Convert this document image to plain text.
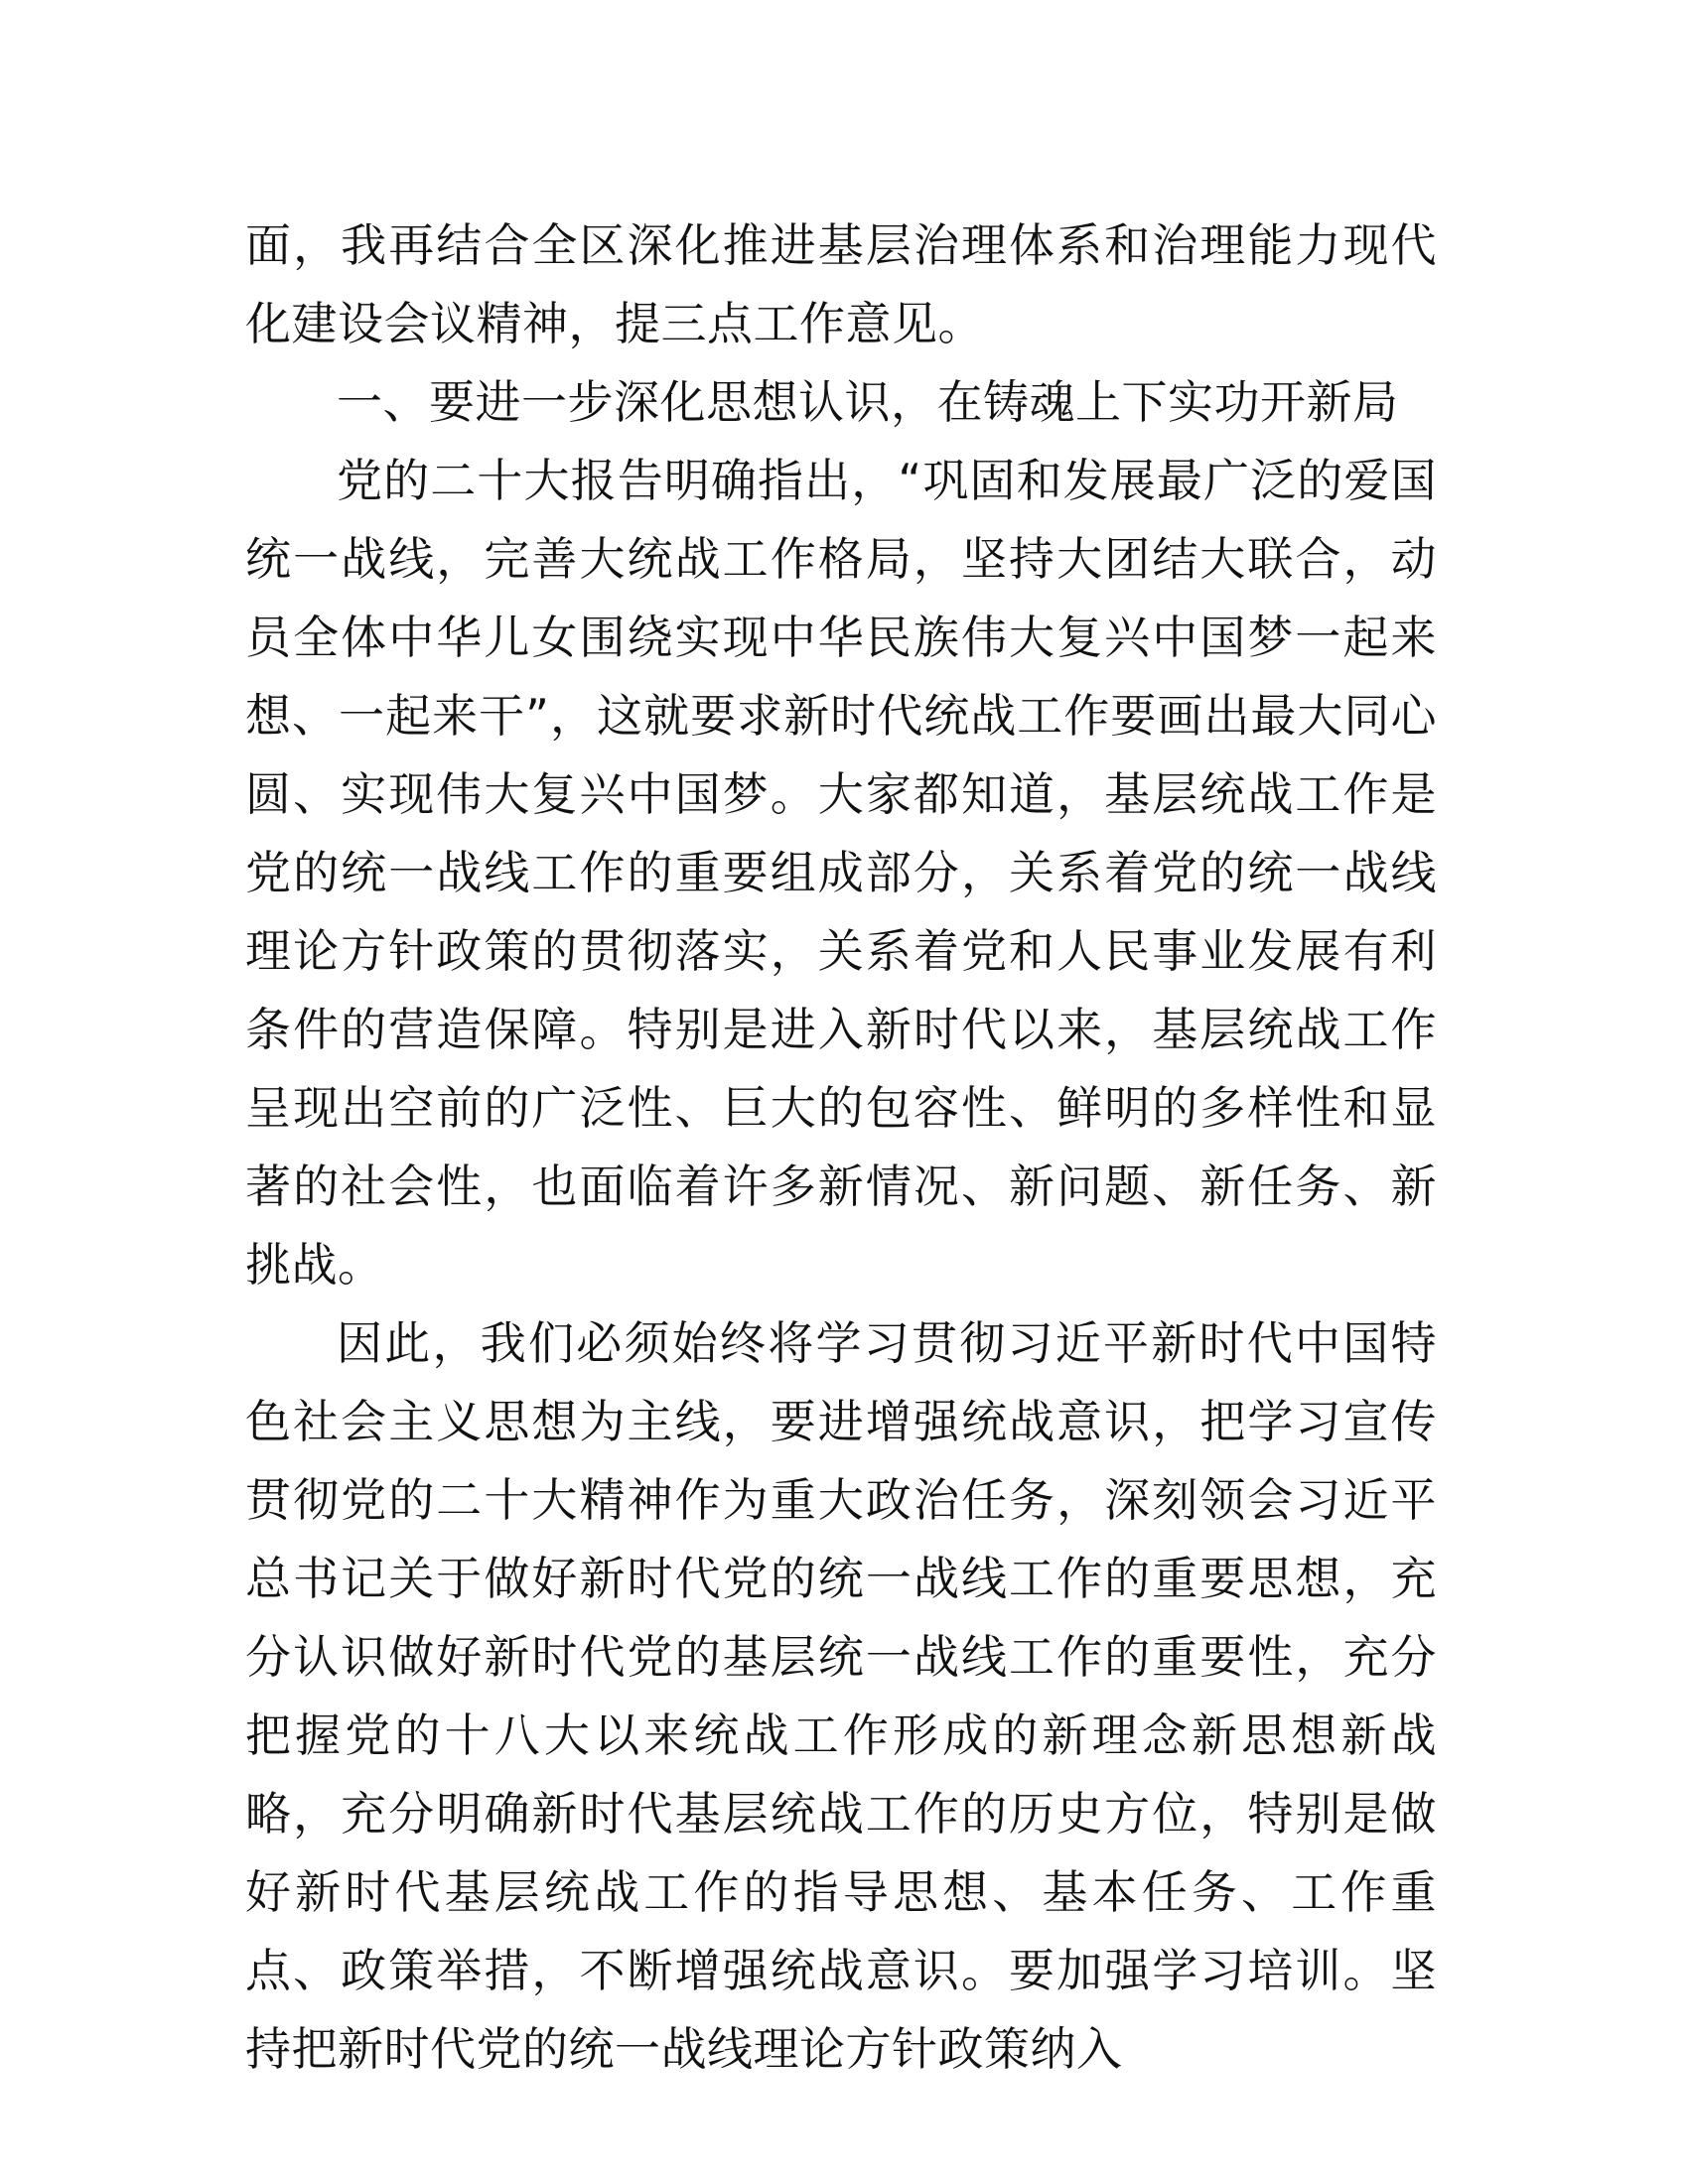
面，我再结合全区深化推进基层治理体系和治理能力现代化建设会议精神，提三点工作意见。

一、要进一步深化思想认识，在铸魂上下实功开新局

党的二十大报告明确指出，“巩固和发展最广泛的爱国统一战线，完善大统战工作格局，坚持大团结大联合，动员全体中华儿女围绕实现中华民族伟大复兴中国梦一起来想、一起来干”，这就要求新时代统战工作要画出最大同心圆、实现伟大复兴中国梦。大家都知道，基层统战工作是党的统一战线工作的重要组成部分，关系着党的统一战线理论方针政策的贯彻落实，关系着党和人民事业发展有利条件的营造保障。特别是进入新时代以来，基层统战工作呈现出空前的广泛性、巨大的包容性、鲜明的多样性和显著的社会性，也面临着许多新情况、新问题、新任务、新挑战。

因此，我们必须始终将学习贯彻习近平新时代中国特色社会主义思想为主线，要进增强统战意识，把学习宣传贯彻党的二十大精神作为重大政治任务，深刻领会习近平总书记关于做好新时代党的统一战线工作的重要思想，充分认识做好新时代党的基层统一战线工作的重要性，充分把握党的十八大以来统战工作形成的新理念新思想新战略，充分明确新时代基层统战工作的历史方位，特别是做好新时代基层统战工作的指导思想、基本任务、工作重点、政策举措，不断增强统战意识。要加强学习培训。坚持把新时代党的统一战线理论方针政策纳入
